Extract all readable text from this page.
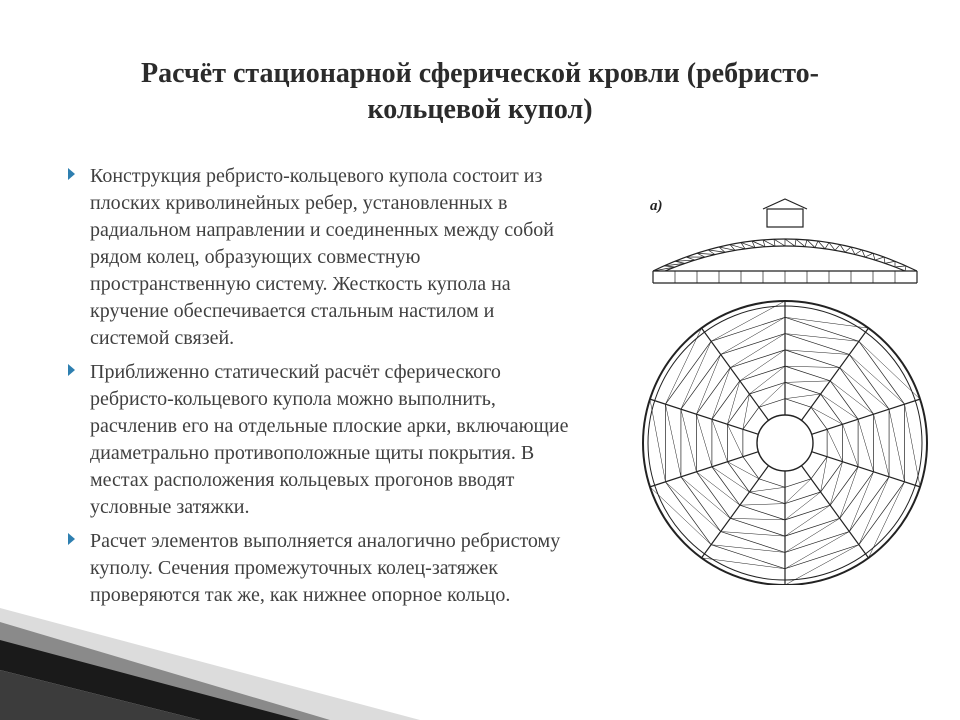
Расчёт стационарной сферической кровли (ребристо-
кольцевой купол)
Конструкция ребристо-кольцевого купола состоит из
плоских криволинейных ребер, установленных в
радиальном направлении и соединенных между собой
рядом колец, образующих совместную
пространственную систему. Жесткость купола на
кручение обеспечивается стальным настилом и
системой связей.
Приближенно статический расчёт сферического
ребристо-кольцевого купола можно выполнить,
расчленив его на отдельные плоские арки, включающие
диаметрально противоположные щиты покрытия. В
местах расположения кольцевых прогонов вводят
условные затяжки.
Расчет элементов выполняется аналогично ребристому
куполу. Сечения промежуточных колец-затяжек
проверяются так же, как нижнее опорное кольцо.
а)
